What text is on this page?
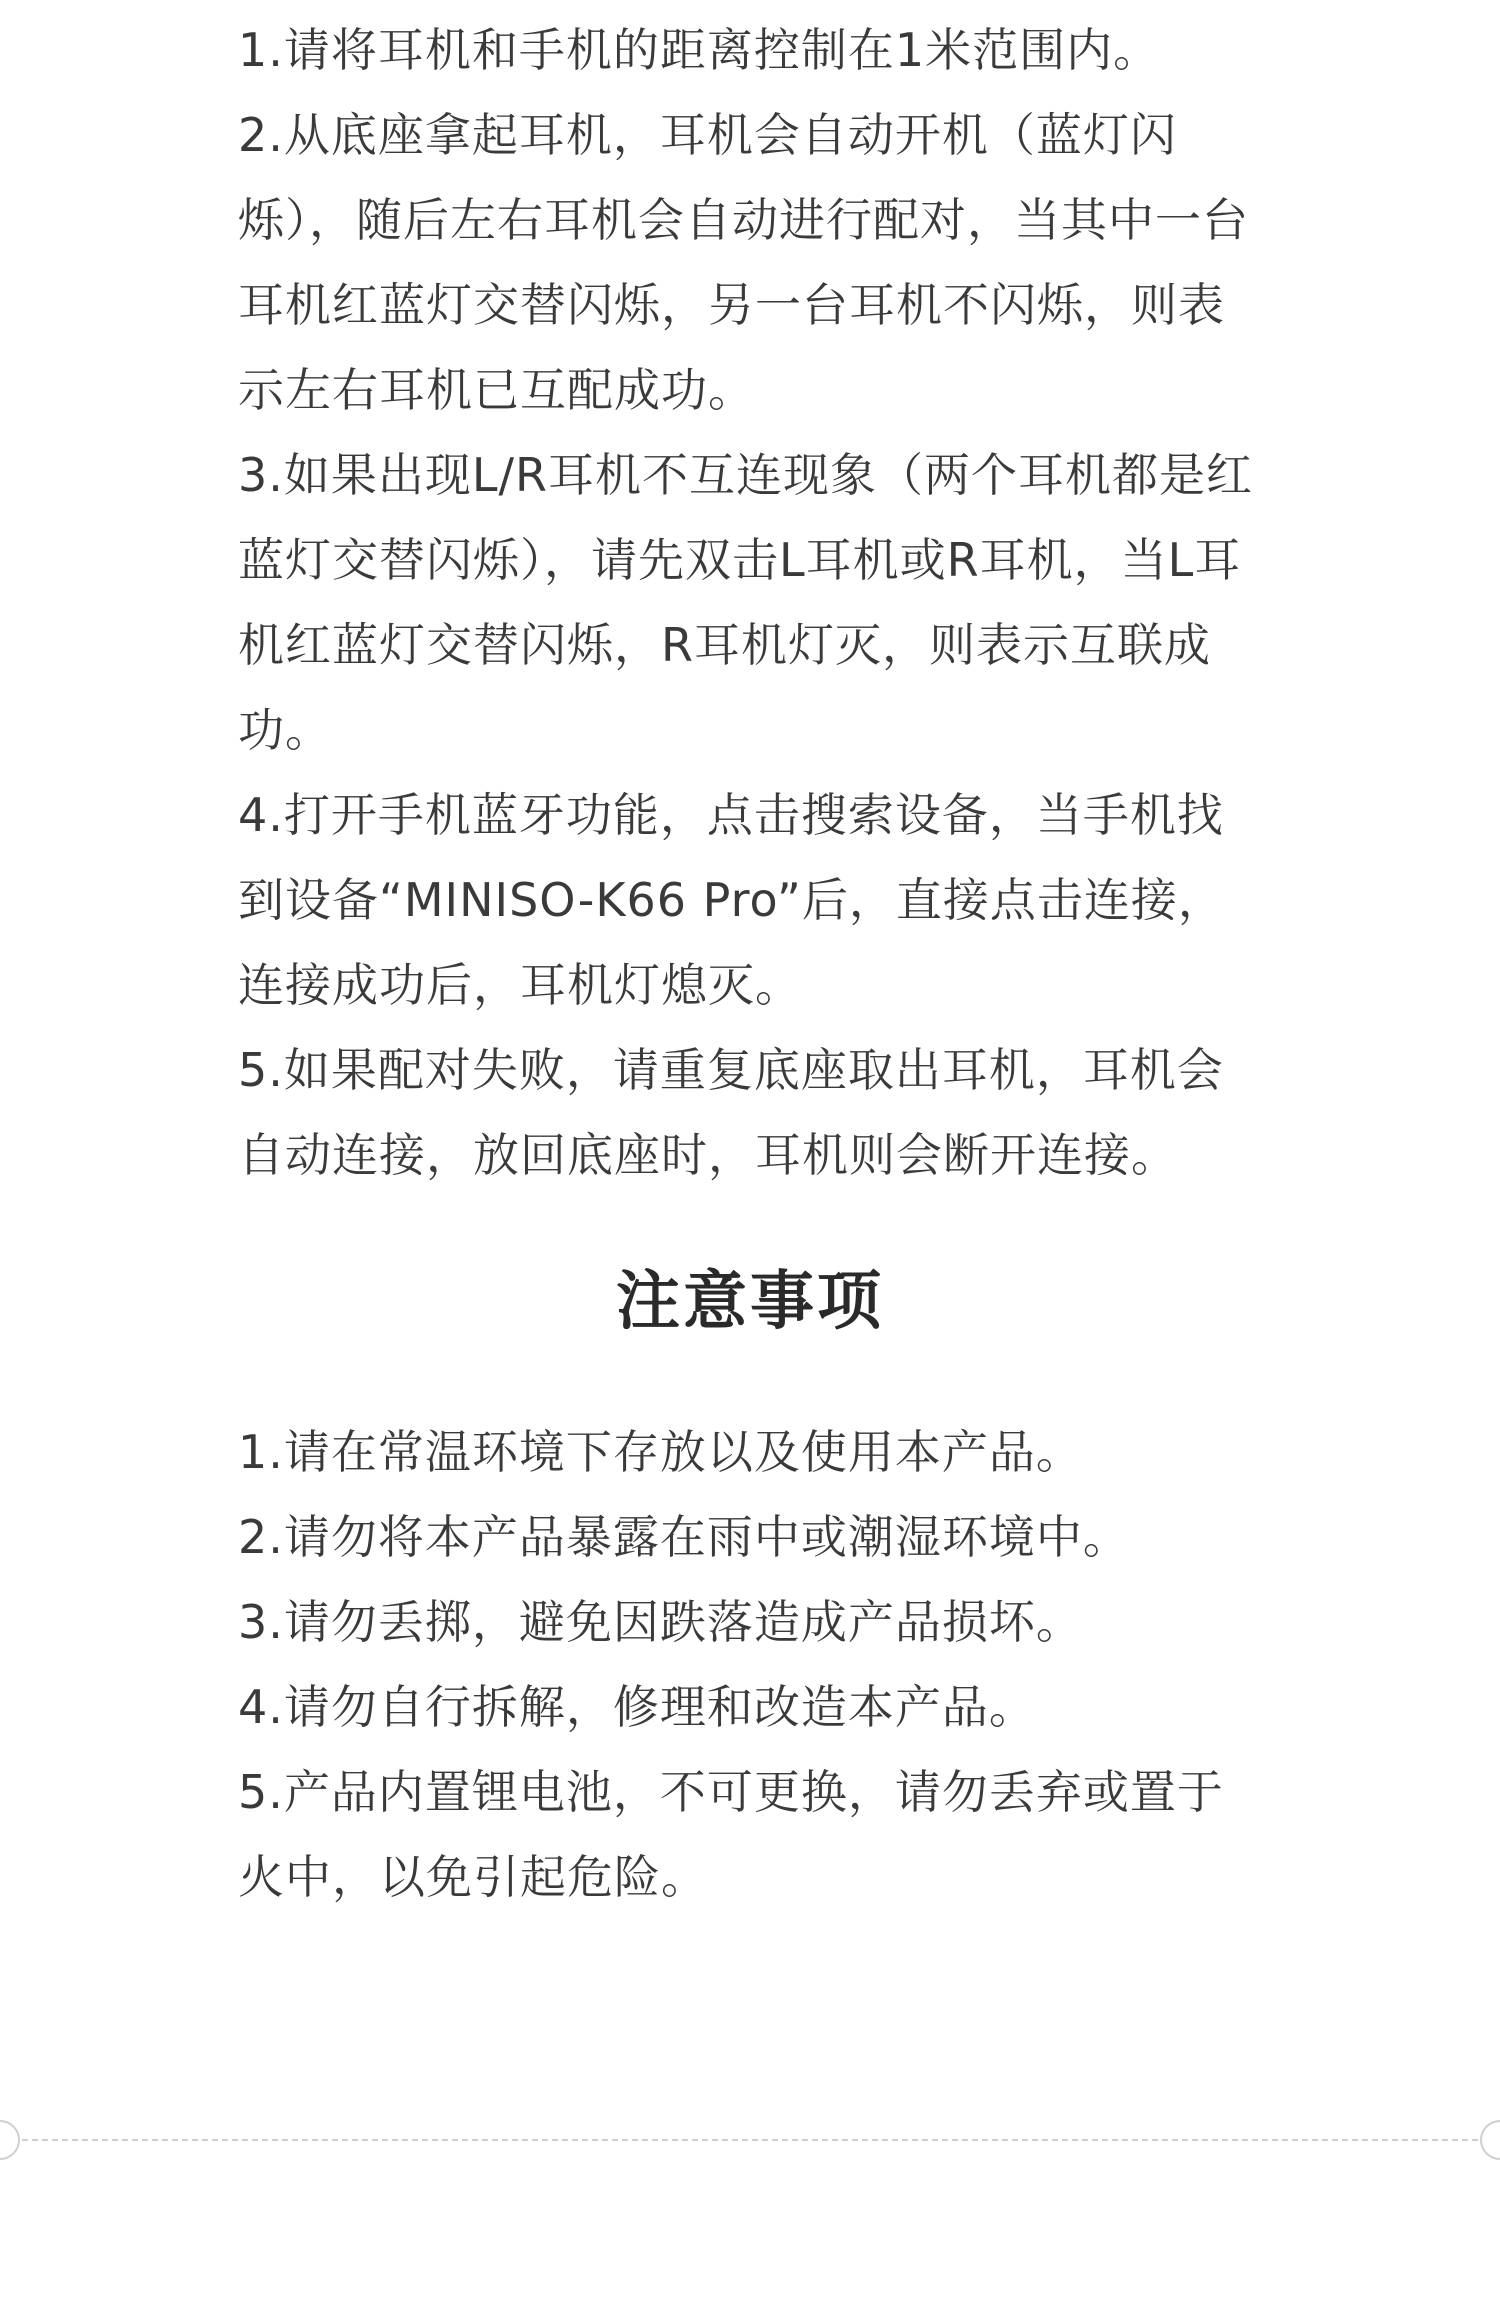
1.请将耳机和手机的距离控制在1米范围内。
2.从底座拿起耳机，耳机会自动开机（蓝灯闪烁），随后左右耳机会自动进行配对，当其中一台耳机红蓝灯交替闪烁，另一台耳机不闪烁，则表示左右耳机已互配成功。
3.如果出现L/R耳机不互连现象（两个耳机都是红蓝灯交替闪烁），请先双击L耳机或R耳机，当L耳机红蓝灯交替闪烁，R耳机灯灭，则表示互联成功。
4.打开手机蓝牙功能，点击搜索设备，当手机找到设备“MINISO-K66 Pro”后，直接点击连接，连接成功后，耳机灯熄灭。
5.如果配对失败，请重复底座取出耳机，耳机会自动连接，放回底座时，耳机则会断开连接。
注意事项
1.请在常温环境下存放以及使用本产品。
2.请勿将本产品暴露在雨中或潮湿环境中。
3.请勿丢掷，避免因跌落造成产品损坏。
4.请勿自行拆解，修理和改造本产品。
5.产品内置锂电池，不可更换，请勿丢弃或置于火中，以免引起危险。
